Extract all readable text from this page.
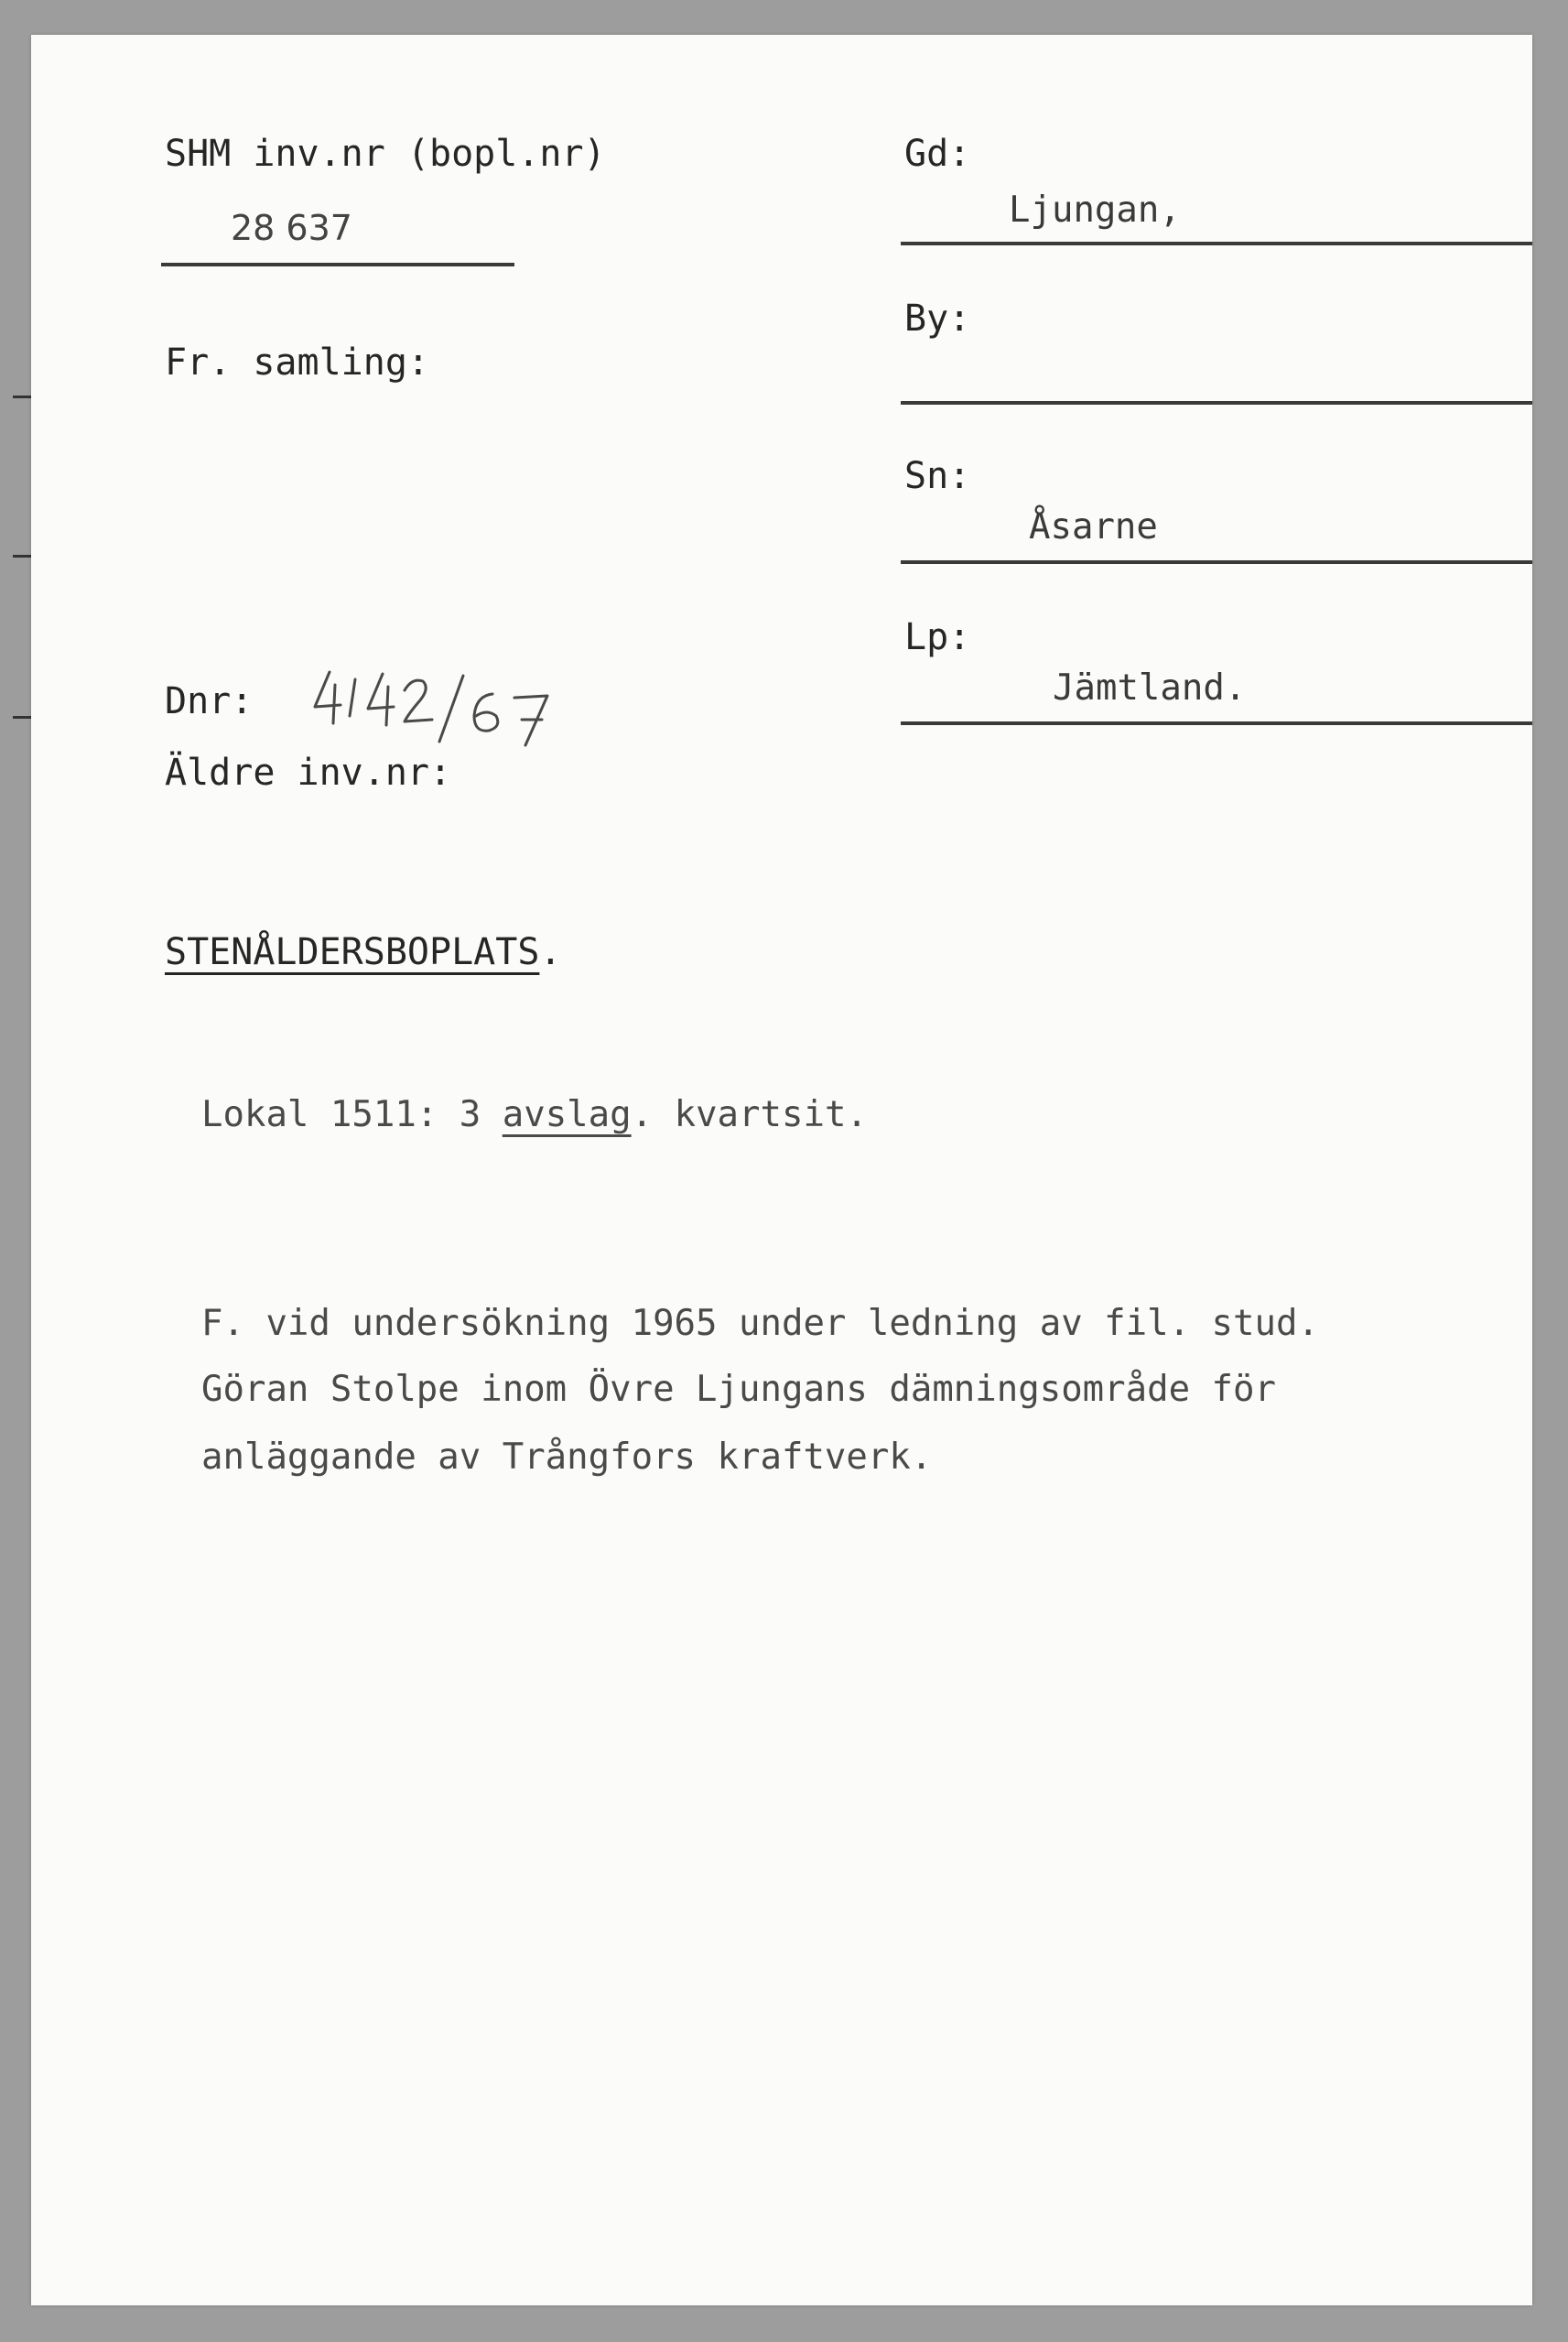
SHM inv.nr (bopl.nr)
28 637
Fr. samling:
Dnr:
Äldre inv.nr:
Gd:
Ljungan,
By:
Sn:
Åsarne
Lp:
Jämtland.
STENÅLDERSBOPLATS.
Lokal 1511: 3 avslag. kvartsit.
F. vid undersökning 1965 under ledning av fil. stud.
Göran Stolpe inom Övre Ljungans dämningsområde för
anläggande av Trångfors kraftverk.
